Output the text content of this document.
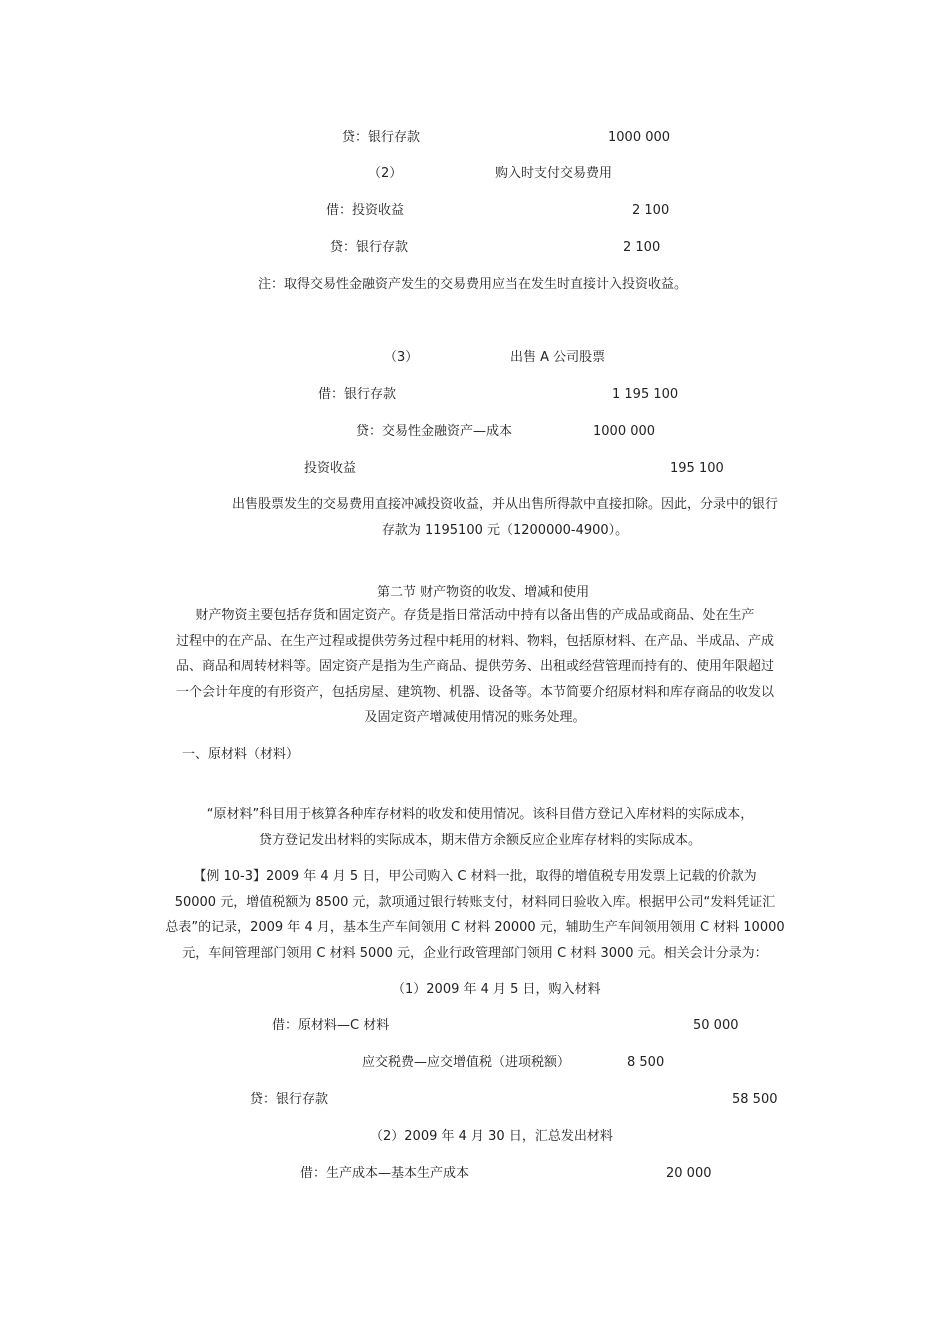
贷：银行存款	1000 000
（2）	购入时支付交易费用
借：投资收益	2 100
贷：银行存款	2 100
注：取得交易性金融资产发生的交易费用应当在发生时直接计入投资收益。
（3）	出售 A 公司股票
借：银行存款	1 195 100
贷：交易性金融资产—成本	1000 000
投资收益	195 100
出售股票发生的交易费用直接冲减投资收益，并从出售所得款中直接扣除。因此，分录中的银行
存款为 1195100 元（1200000-4900）。
第二节 财产物资的收发、增减和使用
财产物资主要包括存货和固定资产。存货是指日常活动中持有以备出售的产成品或商品、处在生产
过程中的在产品、在生产过程或提供劳务过程中耗用的材料、物料，包括原材料、在产品、半成品、产成
品、商品和周转材料等。固定资产是指为生产商品、提供劳务、出租或经营管理而持有的、使用年限超过
一个会计年度的有形资产，包括房屋、建筑物、机器、设备等。本节简要介绍原材料和库存商品的收发以
及固定资产增减使用情况的账务处理。
一、原材料（材料）
“原材料”科目用于核算各种库存材料的收发和使用情况。该科目借方登记入库材料的实际成本，
贷方登记发出材料的实际成本，期末借方余额反应企业库存材料的实际成本。
【例 10-3】2009 年 4 月 5 日，甲公司购入 C 材料一批，取得的增值税专用发票上记载的价款为
50000 元，增值税额为 8500 元，款项通过银行转账支付，材料同日验收入库。根据甲公司“发料凭证汇
总表”的记录，2009 年 4 月，基本生产车间领用 C 材料 20000 元，辅助生产车间领用领用 C 材料 10000
元，车间管理部门领用 C 材料 5000 元，企业行政管理部门领用 C 材料 3000 元。相关会计分录为：
（1）2009 年 4 月 5 日，购入材料
借：原材料—C 材料	50 000
应交税费—应交增值税（进项税额）	8 500
贷：银行存款	58 500
（2）2009 年 4 月 30 日，汇总发出材料
借：生产成本—基本生产成本	20 000
